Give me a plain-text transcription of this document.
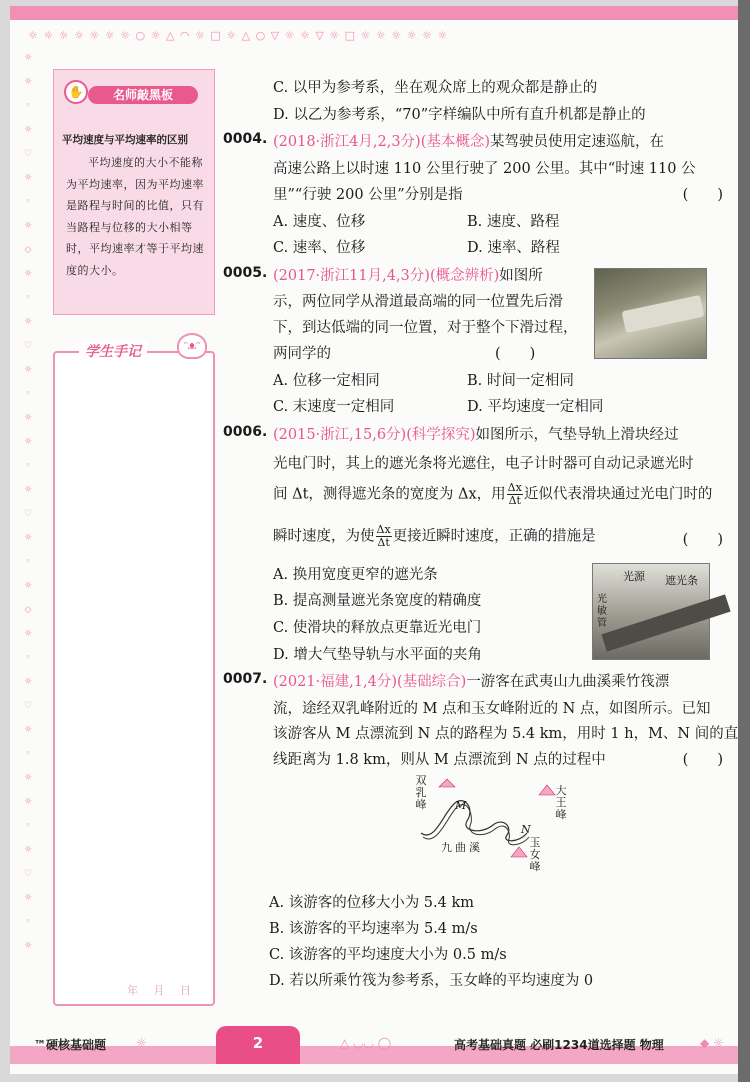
☼ ☼ ☼ ☼ ☼ ☼ ☼ ○ ☼ △ ◠ ☼ □ ☼ △ ○ ▽ ☼ ☼ ▽ ☼ □ ☼ ☼ ☼ ☼ ☼ ☼
☼
☼
◦
☼
♡
☼
◦
☼
◇
☼
◦
☼
♡
☼
◦
☼
☼
◦
☼
♡
☼
◦
☼
◇
☼
◦
☼
♡
☼
◦
☼
☼
◦
☼
♡
☼
◦
☼
✋	名师敲黑板
平均速度与平均速率的区别
平均速度的大小不能称为平均速率，因为平均速率是路程与时间的比值，只有当路程与位移的大小相等时，平均速率才等于平均速度的大小。
学生手记	ᵔᴥᵔ
年 月 日
C. 以甲为参考系，坐在观众席上的观众都是静止的
D. 以乙为参考系，“70”字样编队中所有直升机都是静止的
0004. (2018·浙江4月,2,3分)(基本概念)某驾驶员使用定速巡航，在
高速公路上以时速 110 公里行驶了 200 公里。其中“时速 110 公
里”“行驶 200 公里”分别是指	(　　)
A. 速度、位移	B. 速度、路程
C. 速率、位移	D. 速率、路程
0005. (2017·浙江11月,4,3分)(概念辨析)如图所
示，两位同学从滑道最高端的同一位置先后滑
下，到达低端的同一位置，对于整个下滑过程，
两同学的	(　　)
A. 位移一定相同	B. 时间一定相同
C. 末速度一定相同	D. 平均速度一定相同
0006. (2015·浙江,15,6分)(科学探究)如图所示，气垫导轨上滑块经过
光电门时，其上的遮光条将光遮住，电子计时器可自动记录遮光时
间 Δt，测得遮光条的宽度为 Δx，用 $\frac{\Delta x}{\Delta t}$ 近似代表滑块通过光电门时的
瞬时速度，为使 $\frac{\Delta x}{\Delta t}$ 更接近瞬时速度，正确的措施是	(　　)
A. 换用宽度更窄的遮光条
B. 提高测量遮光条宽度的精确度
C. 使滑块的释放点更靠近光电门
D. 增大气垫导轨与水平面的夹角
光源 遮光条
光敏管
0007. (2021·福建,1,4分)(基础综合)一游客在武夷山九曲溪乘竹筏漂
流，途经双乳峰附近的 M 点和玉女峰附近的 N 点，如图所示。已知
该游客从 M 点漂流到 N 点的路程为 5.4 km，用时 1 h，M、N 间的直
线距离为 1.8 km，则从 M 点漂流到 N 点的过程中	(　　)
双乳峰
大王峰
玉女峰
九曲溪
M
N
A. 该游客的位移大小为 5.4 km
B. 该游客的平均速率为 5.4 m/s
C. 该游客的平均速度大小为 0.5 m/s
D. 若以所乘竹筏为参考系，玉女峰的平均速度为 0
™硬核基础题 ☼	2	△ ◡◡ ◯	高考基础真题 必刷1234道选择题 物理	◆ ☼
